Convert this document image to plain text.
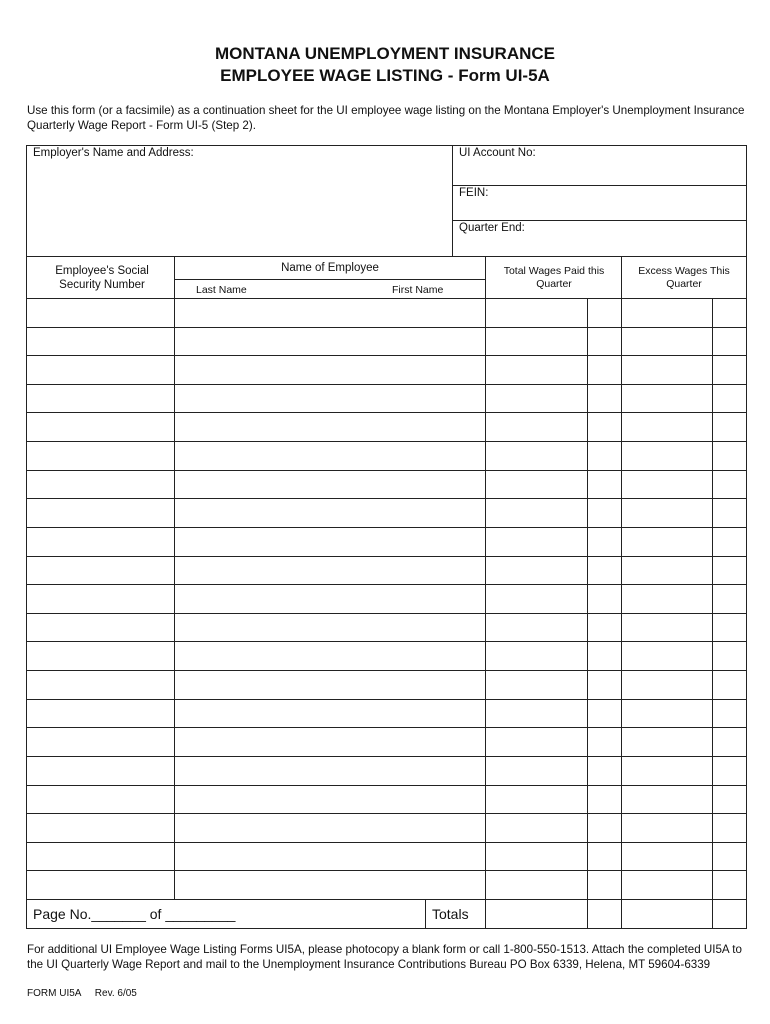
MONTANA UNEMPLOYMENT INSURANCE
EMPLOYEE WAGE LISTING - Form UI-5A
Use this form (or a facsimile) as a continuation sheet for the UI employee wage listing on the Montana Employer's Unemployment Insurance Quarterly Wage Report - Form UI-5 (Step 2).
Employer's Name and Address:	UI Account No:
FEIN:
Quarter End:
Employee's Social Security Number
Name of Employee
Last Name	First Name
Total Wages Paid this Quarter
Excess Wages This Quarter
Page No._______ of _________	Totals
For additional UI Employee Wage Listing Forms UI5A, please photocopy a blank form or call 1-800-550-1513. Attach the completed UI5A to the UI Quarterly Wage Report and mail to the Unemployment Insurance Contributions Bureau PO Box 6339, Helena, MT 59604-6339
FORM UI5A     Rev. 6/05
